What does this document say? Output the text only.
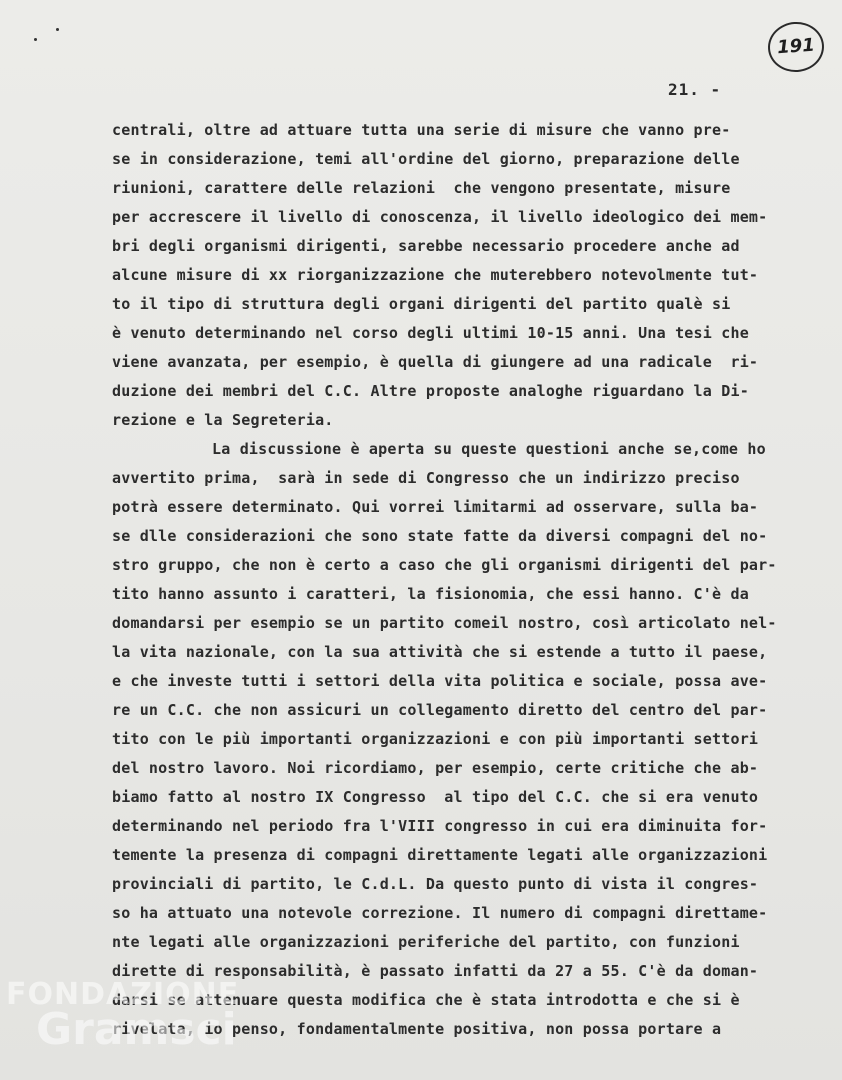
191
21. -
centrali, oltre ad attuare tutta una serie di misure che vanno pre-
se in considerazione, temi all'ordine del giorno, preparazione delle
riunioni, carattere delle relazioni  che vengono presentate, misure
per accrescere il livello di conoscenza, il livello ideologico dei mem-
bri degli organismi dirigenti, sarebbe necessario procedere anche ad
alcune misure di xx riorganizzazione che muterebbero notevolmente tut-
to il tipo di struttura degli organi dirigenti del partito qualè si
è venuto determinando nel corso degli ultimi 10-15 anni. Una tesi che
viene avanzata, per esempio, è quella di giungere ad una radicale  ri-
duzione dei membri del C.C. Altre proposte analoghe riguardano la Di-
rezione e la Segreteria.
La discussione è aperta su queste questioni anche se,come ho
avvertito prima,  sarà in sede di Congresso che un indirizzo preciso
potrà essere determinato. Qui vorrei limitarmi ad osservare, sulla ba-
se dlle considerazioni che sono state fatte da diversi compagni del no-
stro gruppo, che non è certo a caso che gli organismi dirigenti del par-
tito hanno assunto i caratteri, la fisionomia, che essi hanno. C'è da
domandarsi per esempio se un partito comeil nostro, così articolato nel-
la vita nazionale, con la sua attività che si estende a tutto il paese,
e che investe tutti i settori della vita politica e sociale, possa ave-
re un C.C. che non assicuri un collegamento diretto del centro del par-
tito con le più importanti organizzazioni e con più importanti settori
del nostro lavoro. Noi ricordiamo, per esempio, certe critiche che ab-
biamo fatto al nostro IX Congresso  al tipo del C.C. che si era venuto
determinando nel periodo fra l'VIII congresso in cui era diminuita for-
temente la presenza di compagni direttamente legati alle organizzazioni
provinciali di partito, le C.d.L. Da questo punto di vista il congres-
so ha attuato una notevole correzione. Il numero di compagni direttame-
nte legati alle organizzazioni periferiche del partito, con funzioni
dirette di responsabilità, è passato infatti da 27 a 55. C'è da doman-
darsi se attenuare questa modifica che è stata introdotta e che si è
rivelata, io penso, fondamentalmente positiva, non possa portare a
FONDAZIONE
Gramsci
